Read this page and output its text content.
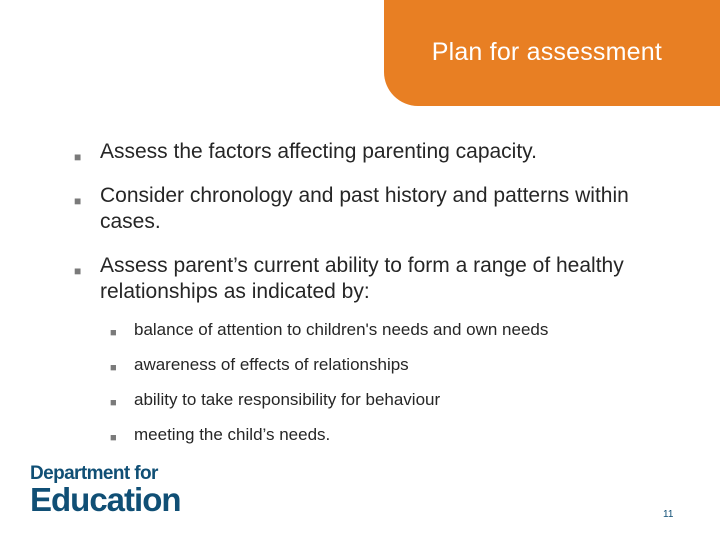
Plan for assessment
■ Assess the factors affecting parenting capacity.
■ Consider chronology and past history and patterns within cases.
■ Assess parent’s current ability to form a range of healthy relationships as indicated by:
■ balance of attention to children's needs and own needs
■ awareness of effects of relationships
■ ability to take responsibility for behaviour
■ meeting the child’s needs.
Department for
Education	11
